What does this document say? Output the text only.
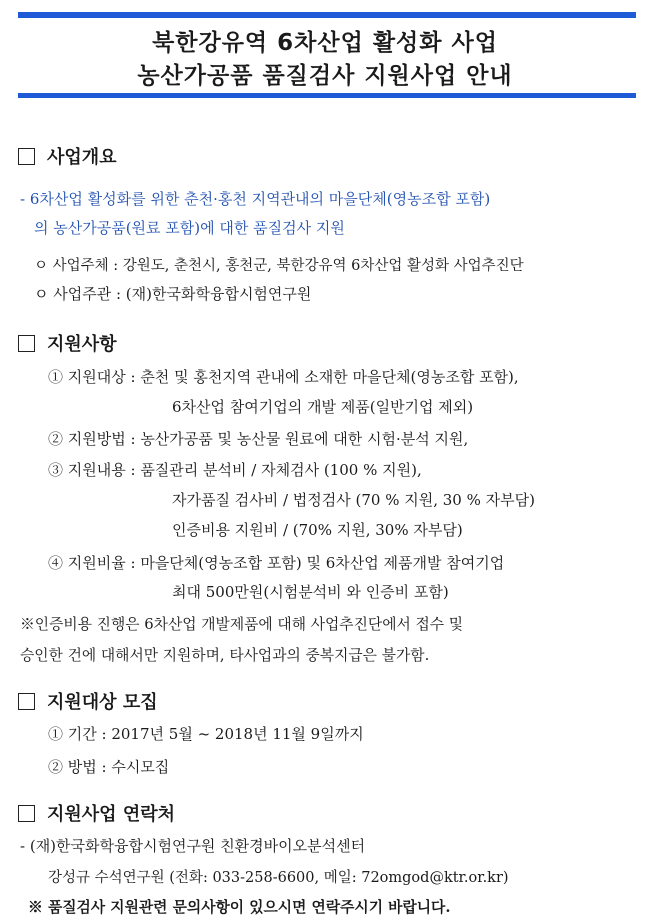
북한강유역 6차산업 활성화 사업
농산가공품 품질검사 지원사업 안내
사업개요
- 6차산업 활성화를 위한 춘천·홍천 지역관내의 마을단체(영농조합 포함)
의 농산가공품(원료 포함)에 대한 품질검사 지원
ㅇ 사업주체 : 강원도, 춘천시, 홍천군, 북한강유역 6차산업 활성화 사업추진단
ㅇ 사업주관 : (재)한국화학융합시험연구원
지원사항
① 지원대상 : 춘천 및 홍천지역 관내에 소재한 마을단체(영농조합 포함),
6차산업 참여기업의 개발 제품(일반기업 제외)
② 지원방법 : 농산가공품 및 농산물 원료에 대한 시험·분석 지원,
③ 지원내용 : 품질관리 분석비 / 자체검사 (100 % 지원),
자가품질 검사비 / 법정검사 (70 % 지원, 30 % 자부담)
인증비용 지원비 / (70% 지원, 30% 자부담)
④ 지원비율 : 마을단체(영농조합 포함) 및 6차산업 제품개발 참여기업
최대 500만원(시험분석비 와 인증비 포함)
※인증비용 진행은 6차산업 개발제품에 대해 사업추진단에서 접수 및
승인한 건에 대해서만 지원하며, 타사업과의 중복지급은 불가함.
지원대상 모집
① 기간 : 2017년 5월 ~ 2018년 11월 9일까지
② 방법 : 수시모집
지원사업 연락처
- (재)한국화학융합시험연구원 친환경바이오분석센터
강성규 수석연구원 (전화: 033-258-6600, 메일: 72omgod@ktr.or.kr)
※ 품질검사 지원관련 문의사항이 있으시면 연락주시기 바랍니다.
